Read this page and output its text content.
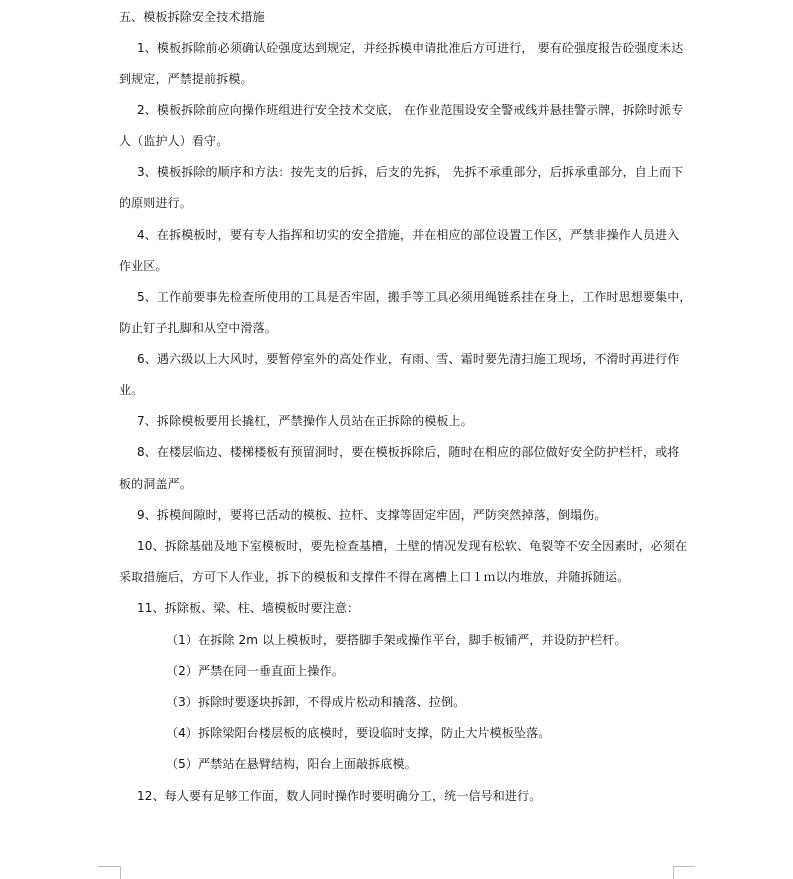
五、模板拆除安全技术措施
1、模板拆除前必须确认砼强度达到规定，并经拆模申请批准后方可进行， 要有砼强度报告砼强度未达
到规定，严禁提前拆模。
2、模板拆除前应向操作班组进行安全技术交底， 在作业范围设安全警戒线并悬挂警示牌，拆除时派专
人（监护人）看守。
3、模板拆除的顺序和方法：按先支的后拆，后支的先拆， 先拆不承重部分，后拆承重部分，自上而下
的原则进行。
4、在拆模板时，要有专人指挥和切实的安全措施，并在相应的部位设置工作区，严禁非操作人员进入
作业区。
5、工作前要事先检查所使用的工具是否牢固，搬手等工具必须用绳链系挂在身上，工作时思想要集中，
防止钉子扎脚和从空中滑落。
6、遇六级以上大风时，要暂停室外的高处作业，有雨、雪、霜时要先清扫施工现场，不滑时再进行作
业。
7、拆除模板要用长撬杠，严禁操作人员站在正拆除的模板上。
8、在楼层临边、楼梯楼板有预留洞时，要在模板拆除后，随时在相应的部位做好安全防护栏杆，或将
板的洞盖严。
9、拆模间隙时，要将已活动的模板、拉杆、支撑等固定牢固，严防突然掉落，倒塌伤。
10、拆除基础及地下室模板时，要先检查基槽，土壁的情况发现有松软、龟裂等不安全因素时，必须在
采取措施后，方可下人作业，拆下的模板和支撑件不得在离槽上口１ｍ以内堆放，并随拆随运。
11、拆除板、梁、柱、墙模板时要注意：
（1）在拆除 2m 以上模板时，要搭脚手架或操作平台，脚手板铺严，并设防护栏杆。
（2）严禁在同一垂直面上操作。
（3）拆除时要逐块拆卸，不得成片松动和撬落、拉倒。
（4）拆除梁阳台楼层板的底模时，要设临时支撑，防止大片模板坠落。
（5）严禁站在悬臂结构，阳台上面敲拆底模。
12、每人要有足够工作面，数人同时操作时要明确分工，统一信号和进行。
